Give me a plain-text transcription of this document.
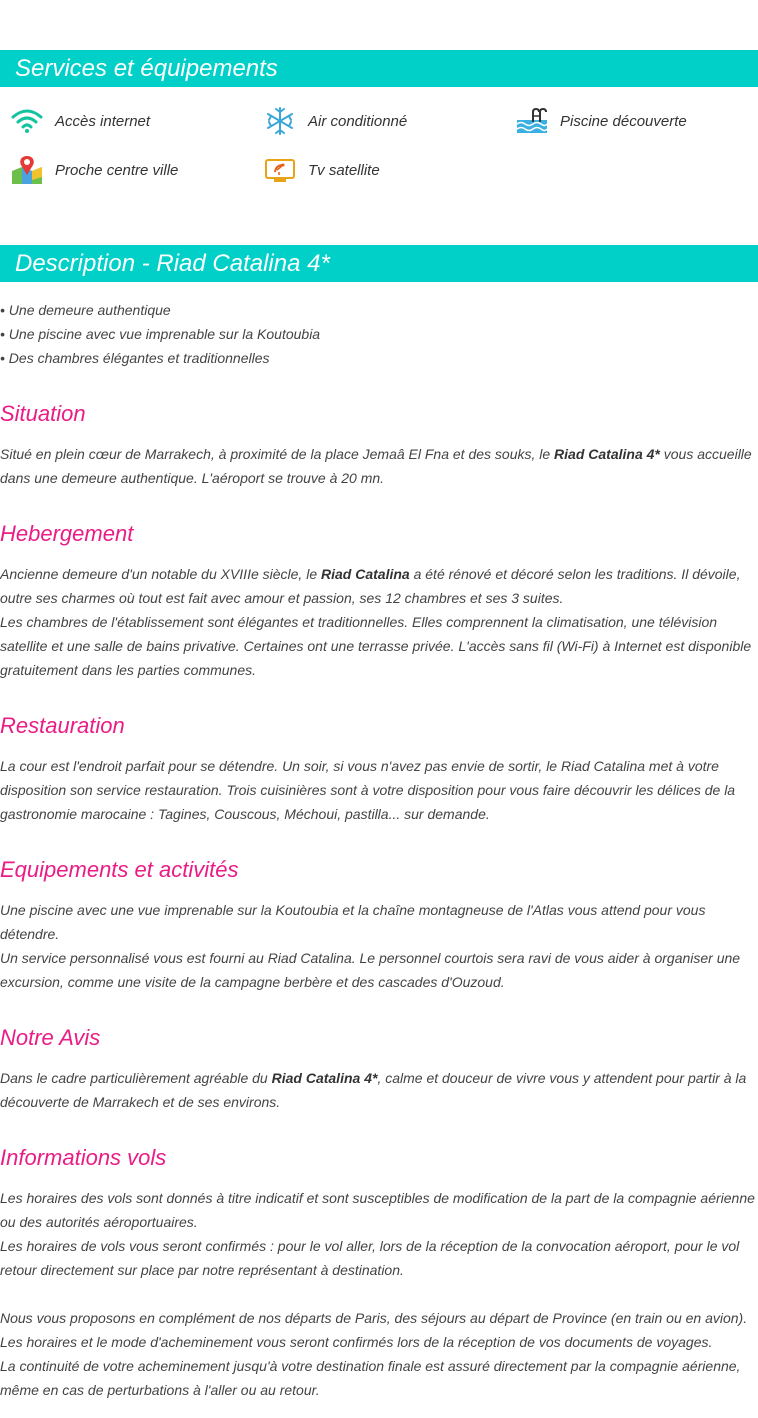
Services et équipements
Accès internet	Air conditionné	Piscine découverte
Proche centre ville	Tv satellite
Description - Riad Catalina 4*
• Une demeure authentique
• Une piscine avec vue imprenable sur la Koutoubia
• Des chambres élégantes et traditionnelles
Situation

Situé en plein cœur de Marrakech, à proximité de la place Jemaâ El Fna et des souks, le Riad Catalina 4* vous accueille dans une demeure authentique. L'aéroport se trouve à 20 mn.

Hebergement

Ancienne demeure d'un notable du XVIIIe siècle, le Riad Catalina a été rénové et décoré selon les traditions. Il dévoile, outre ses charmes où tout est fait avec amour et passion, ses 12 chambres et ses 3 suites.
Les chambres de l'établissement sont élégantes et traditionnelles. Elles comprennent la climatisation, une télévision satellite et une salle de bains privative. Certaines ont une terrasse privée. L'accès sans fil (Wi-Fi) à Internet est disponible gratuitement dans les parties communes.

Restauration

La cour est l'endroit parfait pour se détendre. Un soir, si vous n'avez pas envie de sortir, le Riad Catalina met à votre disposition son service restauration. Trois cuisinières sont à votre disposition pour vous faire découvrir les délices de la gastronomie marocaine : Tagines, Couscous, Méchoui, pastilla... sur demande.

Equipements et activités

Une piscine avec une vue imprenable sur la Koutoubia et la chaîne montagneuse de l'Atlas vous attend pour vous détendre.
Un service personnalisé vous est fourni au Riad Catalina. Le personnel courtois sera ravi de vous aider à organiser une excursion, comme une visite de la campagne berbère et des cascades d'Ouzoud.

Notre Avis

Dans le cadre particulièrement agréable du Riad Catalina 4*, calme et douceur de vivre vous y attendent pour partir à la découverte de Marrakech et de ses environs.

Informations vols

Les horaires des vols sont donnés à titre indicatif et sont susceptibles de modification de la part de la compagnie aérienne ou des autorités aéroportuaires.
Les horaires de vols vous seront confirmés : pour le vol aller, lors de la réception de la convocation aéroport, pour le vol retour directement sur place par notre représentant à destination.
Nous vous proposons en complément de nos départs de Paris, des séjours au départ de Province (en train ou en avion).
Les horaires et le mode d'acheminement vous seront confirmés lors de la réception de vos documents de voyages.
La continuité de votre acheminement jusqu'à votre destination finale est assuré directement par la compagnie aérienne, même en cas de perturbations à l'aller ou au retour.
